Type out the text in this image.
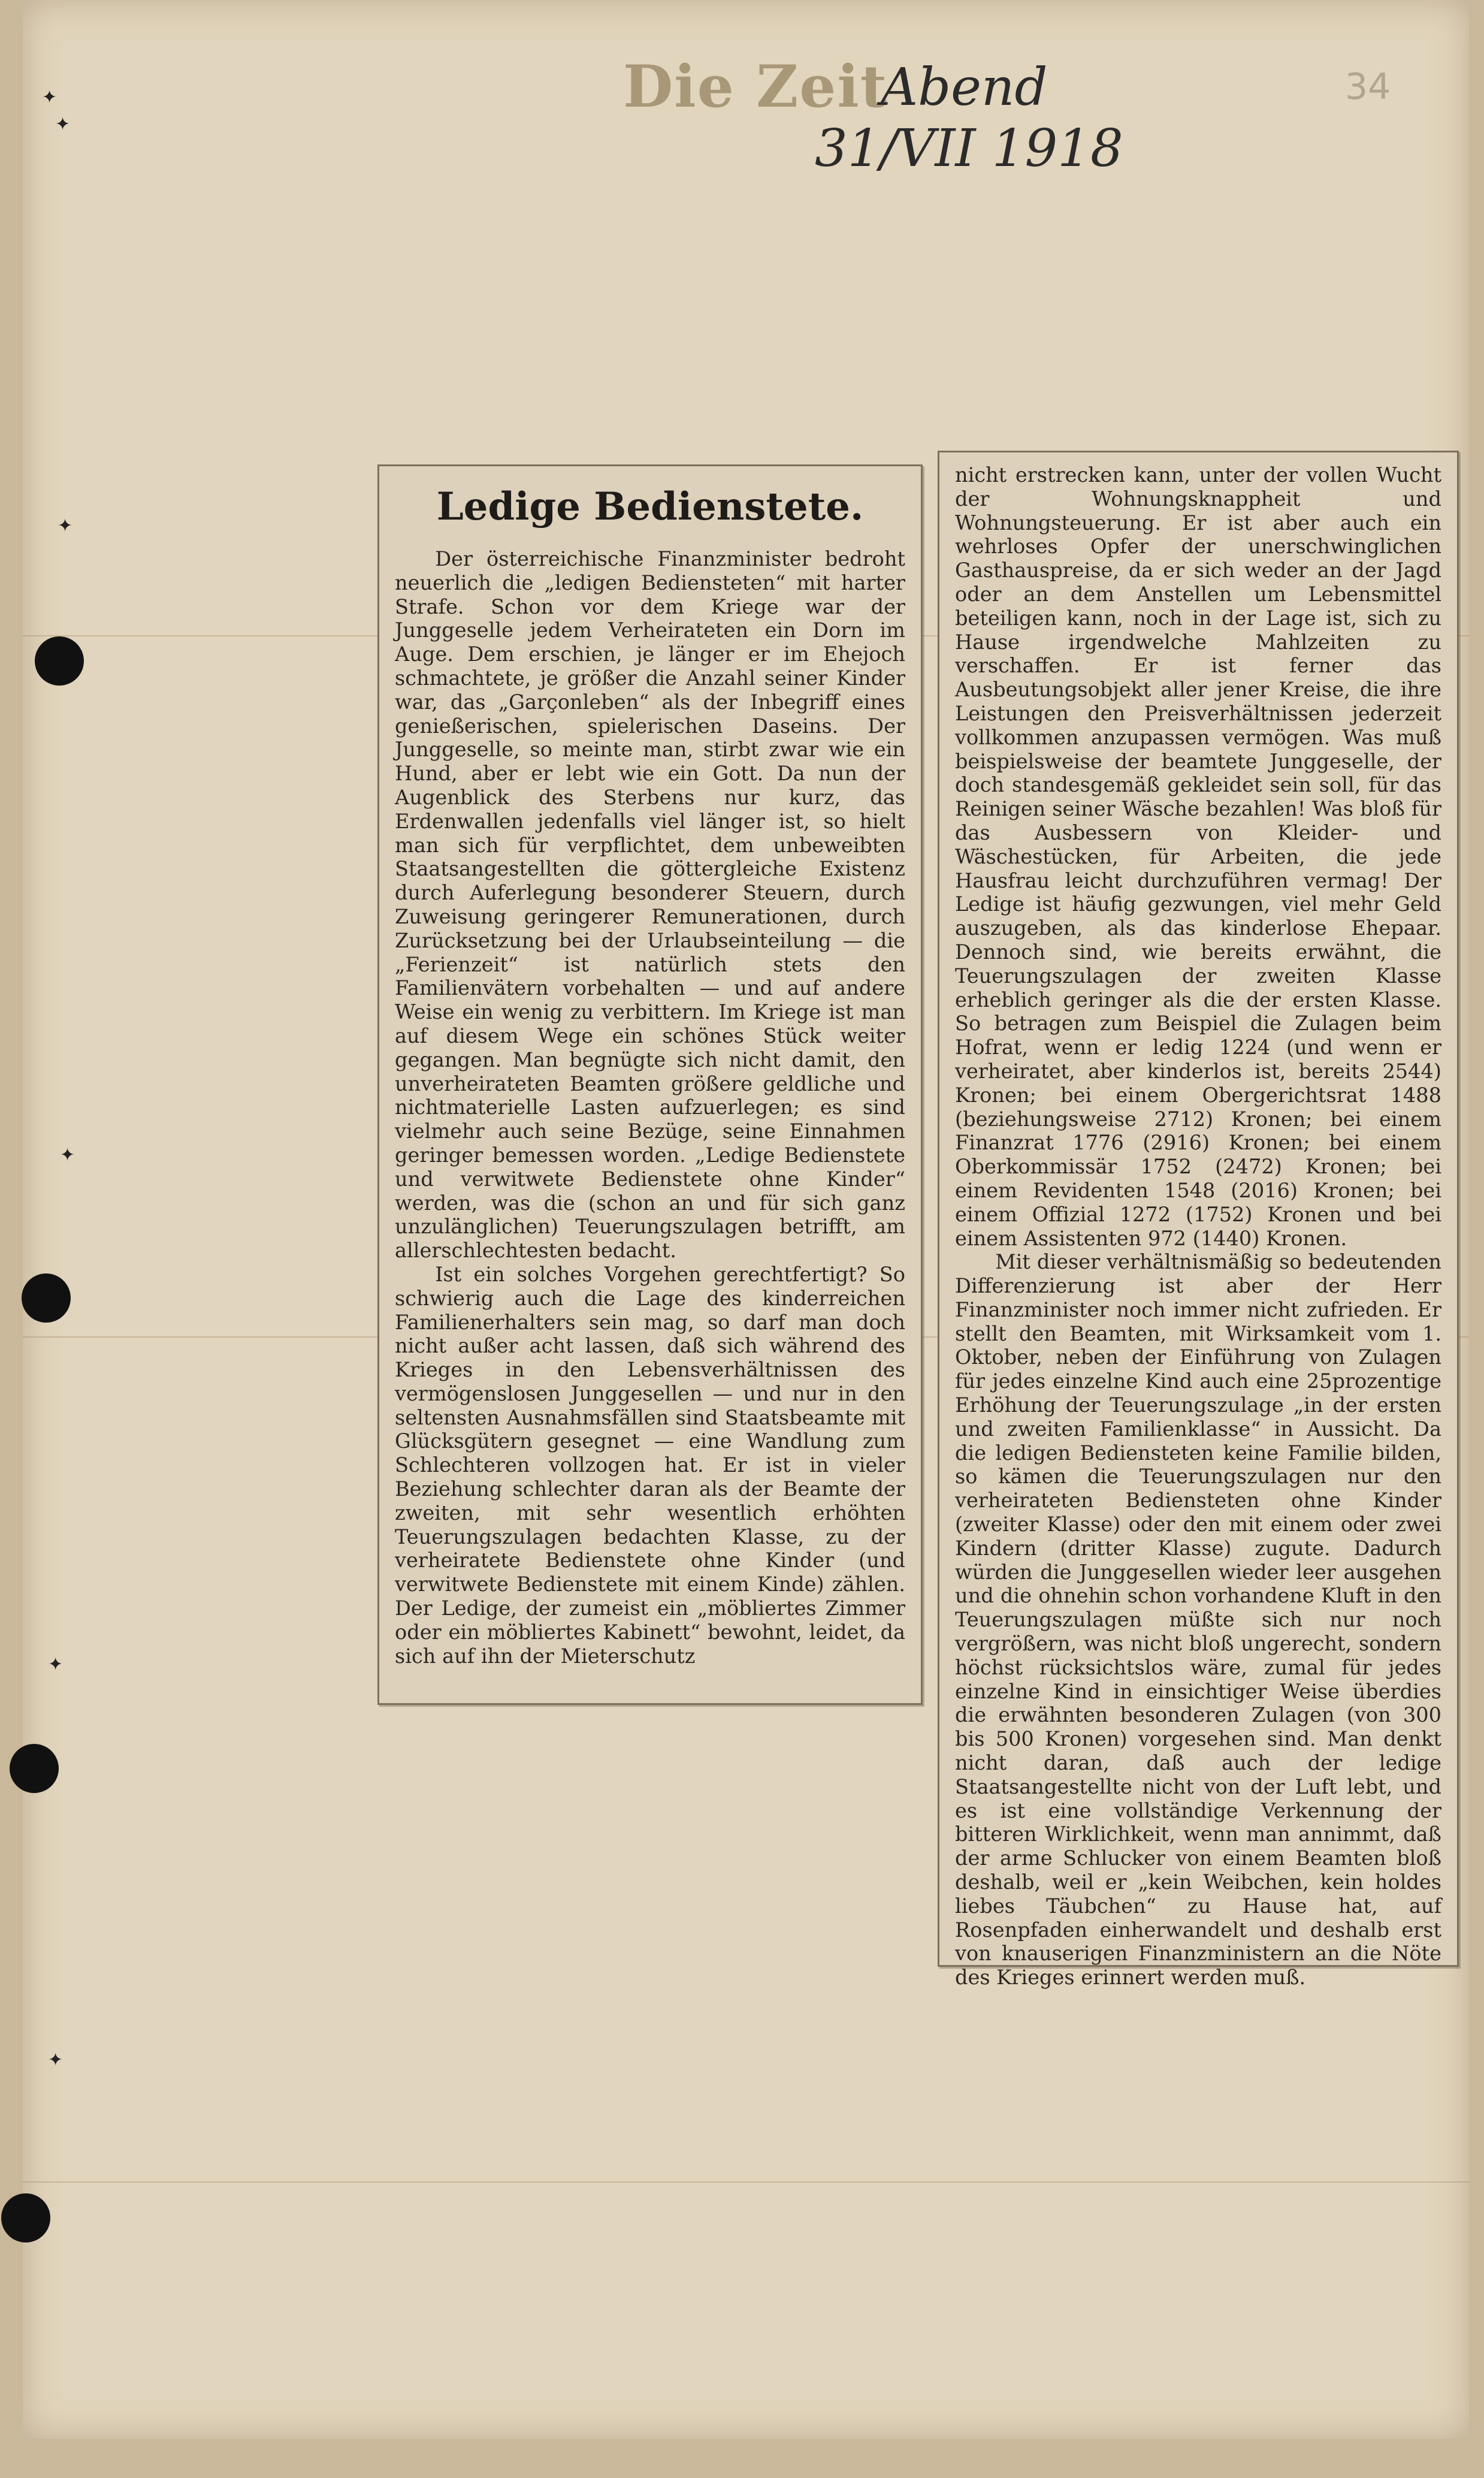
✦
✦
✦
✦
✦
✦
Die Zeit
Abend
31/VII 1918
34
Ledige Bedienstete.

Der österreichische Finanzminister bedroht neuerlich die „ledigen Bediensteten“ mit harter Strafe. Schon vor dem Kriege war der Junggeselle jedem Verheirateten ein Dorn im Auge. Dem erschien, je länger er im Ehejoch schmachtete, je größer die Anzahl seiner Kinder war, das „Garçonleben“ als der Inbegriff eines genießerischen, spielerischen Daseins. Der Junggeselle, so meinte man, stirbt zwar wie ein Hund, aber er lebt wie ein Gott. Da nun der Augenblick des Sterbens nur kurz, das Erdenwallen jedenfalls viel länger ist, so hielt man sich für verpflichtet, dem unbeweibten Staatsangestellten die göttergleiche Existenz durch Auferlegung besonderer Steuern, durch Zuweisung geringerer Remunerationen, durch Zurücksetzung bei der Urlaubseinteilung — die „Ferienzeit“ ist natürlich stets den Familienvätern vorbehalten — und auf andere Weise ein wenig zu verbittern. Im Kriege ist man auf diesem Wege ein schönes Stück weiter gegangen. Man begnügte sich nicht damit, den unverheirateten Beamten größere geldliche und nichtmaterielle Lasten aufzuerlegen; es sind vielmehr auch seine Bezüge, seine Einnahmen geringer bemessen worden. „Ledige Bedienstete und verwitwete Bedienstete ohne Kinder“ werden, was die (schon an und für sich ganz unzulänglichen) Teuerungszulagen betrifft, am allerschlechtesten bedacht.

Ist ein solches Vorgehen gerechtfertigt? So schwierig auch die Lage des kinderreichen Familienerhalters sein mag, so darf man doch nicht außer acht lassen, daß sich während des Krieges in den Lebensverhältnissen des vermögenslosen Junggesellen — und nur in den seltensten Ausnahmsfällen sind Staatsbeamte mit Glücksgütern gesegnet — eine Wandlung zum Schlechteren vollzogen hat. Er ist in vieler Beziehung schlechter daran als der Beamte der zweiten, mit sehr wesentlich erhöhten Teuerungszulagen bedachten Klasse, zu der verheiratete Bedienstete ohne Kinder (und verwitwete Bedienstete mit einem Kinde) zählen. Der Ledige, der zumeist ein „möbliertes Zimmer oder ein möbliertes Kabinett“ bewohnt, leidet, da sich auf ihn der Mieterschutz

nicht erstrecken kann, unter der vollen Wucht der Wohnungsknappheit und Wohnungsteuerung. Er ist aber auch ein wehrloses Opfer der unerschwinglichen Gasthauspreise, da er sich weder an der Jagd oder an dem Anstellen um Lebensmittel beteiligen kann, noch in der Lage ist, sich zu Hause irgendwelche Mahlzeiten zu verschaffen. Er ist ferner das Ausbeutungsobjekt aller jener Kreise, die ihre Leistungen den Preisverhältnissen jederzeit vollkommen anzupassen vermögen. Was muß beispielsweise der beamtete Junggeselle, der doch standesgemäß gekleidet sein soll, für das Reinigen seiner Wäsche bezahlen! Was bloß für das Ausbessern von Kleider- und Wäschestücken, für Arbeiten, die jede Hausfrau leicht durchzuführen vermag! Der Ledige ist häufig gezwungen, viel mehr Geld auszugeben, als das kinderlose Ehepaar. Dennoch sind, wie bereits erwähnt, die Teuerungszulagen der zweiten Klasse erheblich geringer als die der ersten Klasse. So betragen zum Beispiel die Zulagen beim Hofrat, wenn er ledig 1224 (und wenn er verheiratet, aber kinderlos ist, bereits 2544) Kronen; bei einem Obergerichtsrat 1488 (beziehungsweise 2712) Kronen; bei einem Finanzrat 1776 (2916) Kronen; bei einem Oberkommissär 1752 (2472) Kronen; bei einem Revidenten 1548 (2016) Kronen; bei einem Offizial 1272 (1752) Kronen und bei einem Assistenten 972 (1440) Kronen.

Mit dieser verhältnismäßig so bedeutenden Differenzierung ist aber der Herr Finanzminister noch immer nicht zufrieden. Er stellt den Beamten, mit Wirksamkeit vom 1. Oktober, neben der Einführung von Zulagen für jedes einzelne Kind auch eine 25prozentige Erhöhung der Teuerungszulage „in der ersten und zweiten Familienklasse“ in Aussicht. Da die ledigen Bediensteten keine Familie bilden, so kämen die Teuerungszulagen nur den verheirateten Bediensteten ohne Kinder (zweiter Klasse) oder den mit einem oder zwei Kindern (dritter Klasse) zugute. Dadurch würden die Junggesellen wieder leer ausgehen und die ohnehin schon vorhandene Kluft in den Teuerungszulagen müßte sich nur noch vergrößern, was nicht bloß ungerecht, sondern höchst rücksichtslos wäre, zumal für jedes einzelne Kind in einsichtiger Weise überdies die erwähnten besonderen Zulagen (von 300 bis 500 Kronen) vorgesehen sind. Man denkt nicht daran, daß auch der ledige Staatsangestellte nicht von der Luft lebt, und es ist eine vollständige Verkennung der bitteren Wirklichkeit, wenn man annimmt, daß der arme Schlucker von einem Beamten bloß deshalb, weil er „kein Weibchen, kein holdes liebes Täubchen“ zu Hause hat, auf Rosenpfaden einherwandelt und deshalb erst von knauserigen Finanzministern an die Nöte des Krieges erinnert werden muß.
